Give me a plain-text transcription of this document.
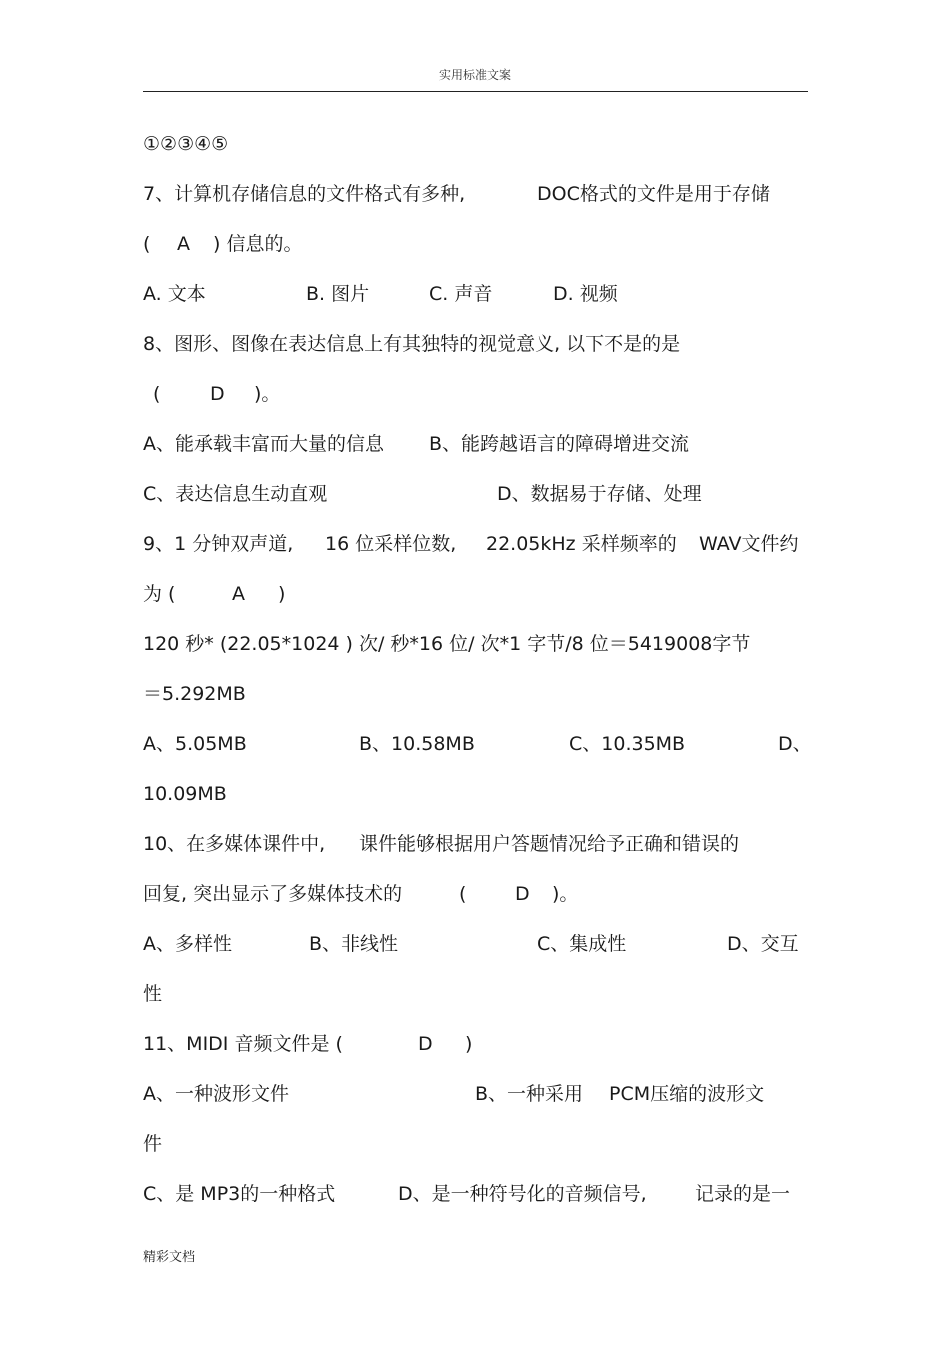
实用标准文案
①②③④⑤
7、计算机存储信息的文件格式有多种,	DOC格式的文件是用于存储
( A ) 信息的。
A. 文本	B. 图片	C. 声音	D. 视频
8、图形、图像在表达信息上有其独特的视觉意义, 以下不是的是
(	D )。
A、能承载丰富而大量的信息 B、能跨越语言的障碍增进交流
C、表达信息生动直观	D、数据易于存储、处理
9、1 分钟双声道, 16 位采样位数, 22.05kHz 采样频率的 WAV文件约
为 (	A )
120 秒* (22.05*1024 ) 次/ 秒*16 位/ 次*1 字节/8 位＝5419008字节
＝5.292MB
A、5.05MB	B、10.58MB	C、10.35MB	D、
10.09MB
10、在多媒体课件中, 课件能够根据用户答题情况给予正确和错误的
回复, 突出显示了多媒体技术的	(	D )。
A、多样性	B、非线性	C、集成性	D、交互
性
11、MIDI 音频文件是 (	D )
A、一种波形文件	B、一种采用 PCM压缩的波形文
件
C、是 MP3的一种格式	D、是一种符号化的音频信号,	记录的是一
精彩文档
